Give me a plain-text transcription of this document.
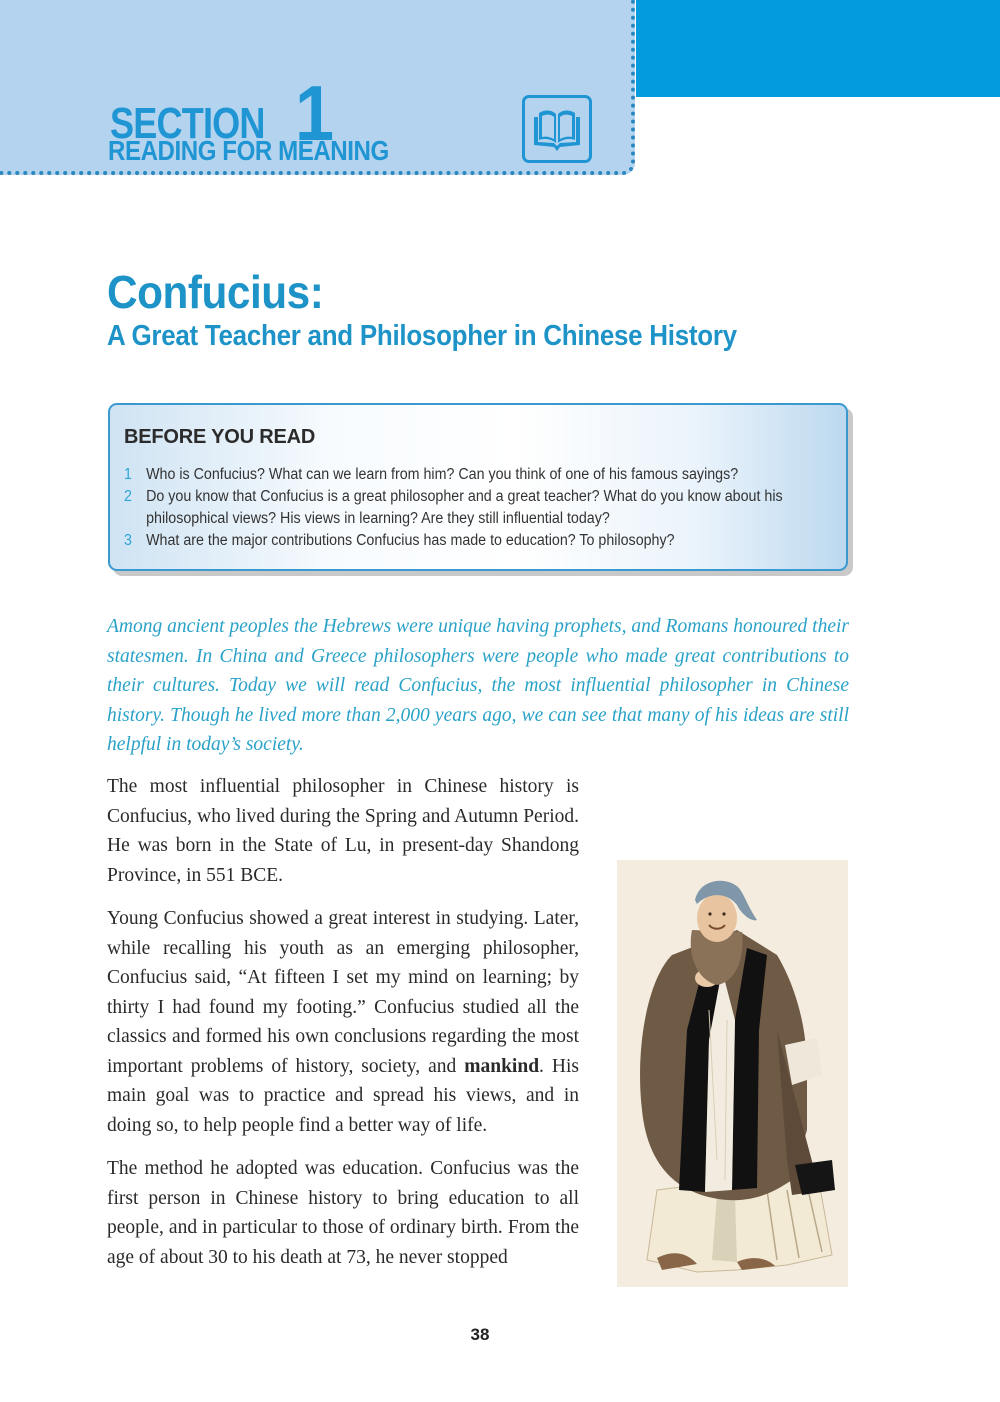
SECTION 1
READING FOR MEANING
Confucius:
A Great Teacher and Philosopher in Chinese History
BEFORE YOU READ
1 Who is Confucius? What can we learn from him? Can you think of one of his famous sayings?
2 Do you know that Confucius is a great philosopher and a great teacher? What do you know about his philosophical views? His views in learning? Are they still influential today?
3 What are the major contributions Confucius has made to education? To philosophy?
Among ancient peoples the Hebrews were unique having prophets, and Romans honoured their statesmen. In China and Greece philosophers were people who made great contributions to their cultures. Today we will read Confucius, the most influential philosopher in Chinese history. Though he lived more than 2,000 years ago, we can see that many of his ideas are still helpful in today’s society.

The most influential philosopher in Chinese history is Confucius, who lived during the Spring and Autumn Period. He was born in the State of Lu, in present-day Shandong Province, in 551 BCE.

Young Confucius showed a great interest in studying. Later, while recalling his youth as an emerging philosopher, Confucius said, “At fifteen I set my mind on learning; by thirty I had found my footing.” Confucius studied all the classics and formed his own conclusions regarding the most important problems of history, society, and mankind. His main goal was to practice and spread his views, and in doing so, to help people find a better way of life.

The method he adopted was education. Confucius was the first person in Chinese history to bring education to all people, and in particular to those of ordinary birth. From the age of about 30 to his death at 73, he never stopped

38
